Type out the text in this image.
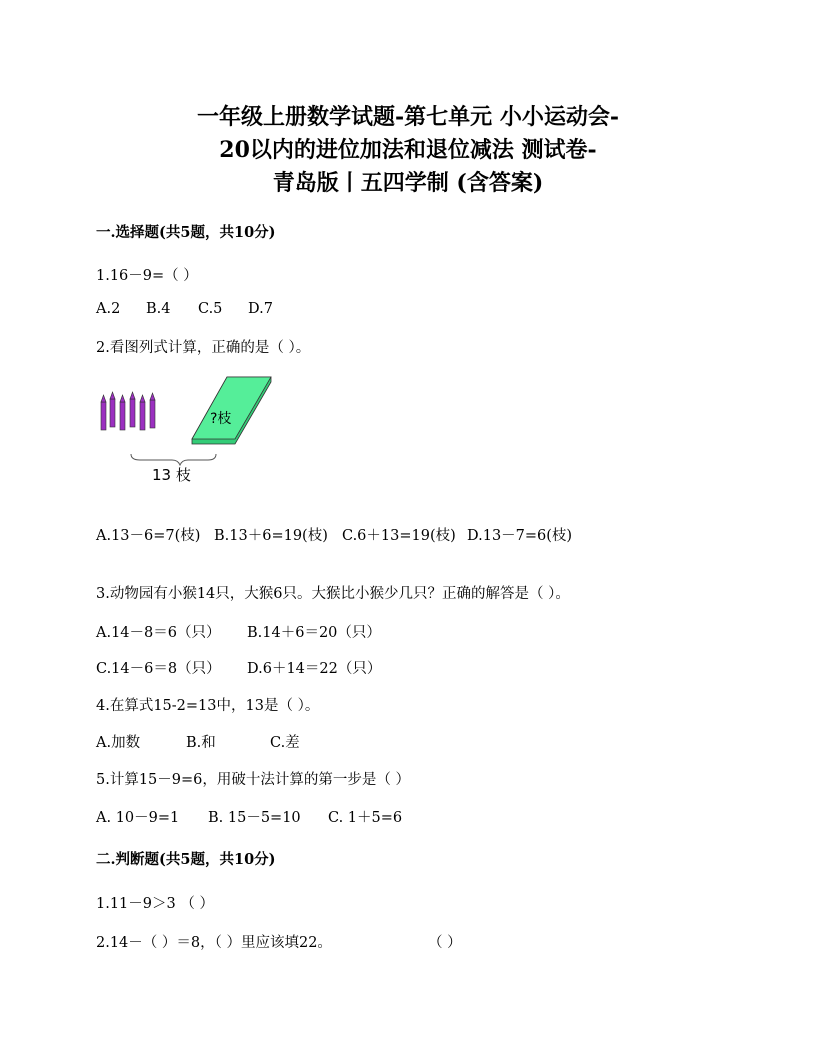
一年级上册数学试题-第七单元 小小运动会-
20以内的进位加法和退位减法 测试卷-
青岛版丨五四学制 (含答案)
一.选择题(共5题，共10分)
1.16－9=（ ）
A.2 B.4 C.5 D.7
2.看图列式计算，正确的是（ ）。
?枝
13 枝
A.13－6=7(枝) B.13＋6=19(枝) C.6＋13=19(枝) D.13－7=6(枝)
3.动物园有小猴14只，大猴6只。大猴比小猴少几只？正确的解答是（ ）。
A.14－8＝6（只） B.14＋6＝20（只）
C.14－6＝8（只） D.6＋14＝22（只）
4.在算式15-2=13中，13是（ ）。
A.加数	B.和	C.差
5.计算15－9=6，用破十法计算的第一步是（ ）
A. 10－9=1 B. 15－5=10 C. 1＋5=6
二.判断题(共5题，共10分)
1.11－9＞3 （ ）
2.14－（ ）＝8，（ ）里应该填22。	（ ）
